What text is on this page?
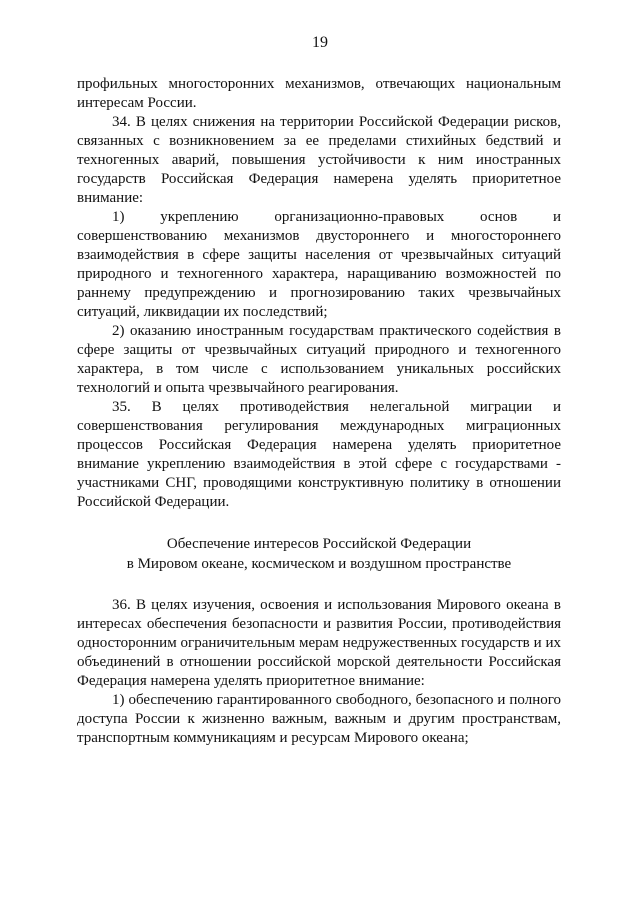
19

профильных многосторонних механизмов, отвечающих национальным интересам России.

34. В целях снижения на территории Российской Федерации рисков, связанных с возникновением за ее пределами стихийных бедствий и техногенных аварий, повышения устойчивости к ним иностранных государств Российская Федерация намерена уделять приоритетное внимание:

1) укреплению организационно-правовых основ и совершенствованию механизмов двустороннего и многостороннего взаимодействия в сфере защиты населения от чрезвычайных ситуаций природного и техногенного характера, наращиванию возможностей по раннему предупреждению и прогнозированию таких чрезвычайных ситуаций, ликвидации их последствий;

2) оказанию иностранным государствам практического содействия в сфере защиты от чрезвычайных ситуаций природного и техногенного характера, в том числе с использованием уникальных российских технологий и опыта чрезвычайного реагирования.

35. В целях противодействия нелегальной миграции и совершенствования регулирования международных миграционных процессов Российская Федерация намерена уделять приоритетное внимание укреплению взаимодействия в этой сфере с государствами - участниками СНГ, проводящими конструктивную политику в отношении Российской Федерации.

Обеспечение интересов Российской Федерации

в Мировом океане, космическом и воздушном пространстве

36. В целях изучения, освоения и использования Мирового океана в интересах обеспечения безопасности и развития России, противодействия односторонним ограничительным мерам недружественных государств и их объединений в отношении российской морской деятельности Российская Федерация намерена уделять приоритетное внимание:

1) обеспечению гарантированного свободного, безопасного и полного доступа России к жизненно важным, важным и другим пространствам, транспортным коммуникациям и ресурсам Мирового океана;
